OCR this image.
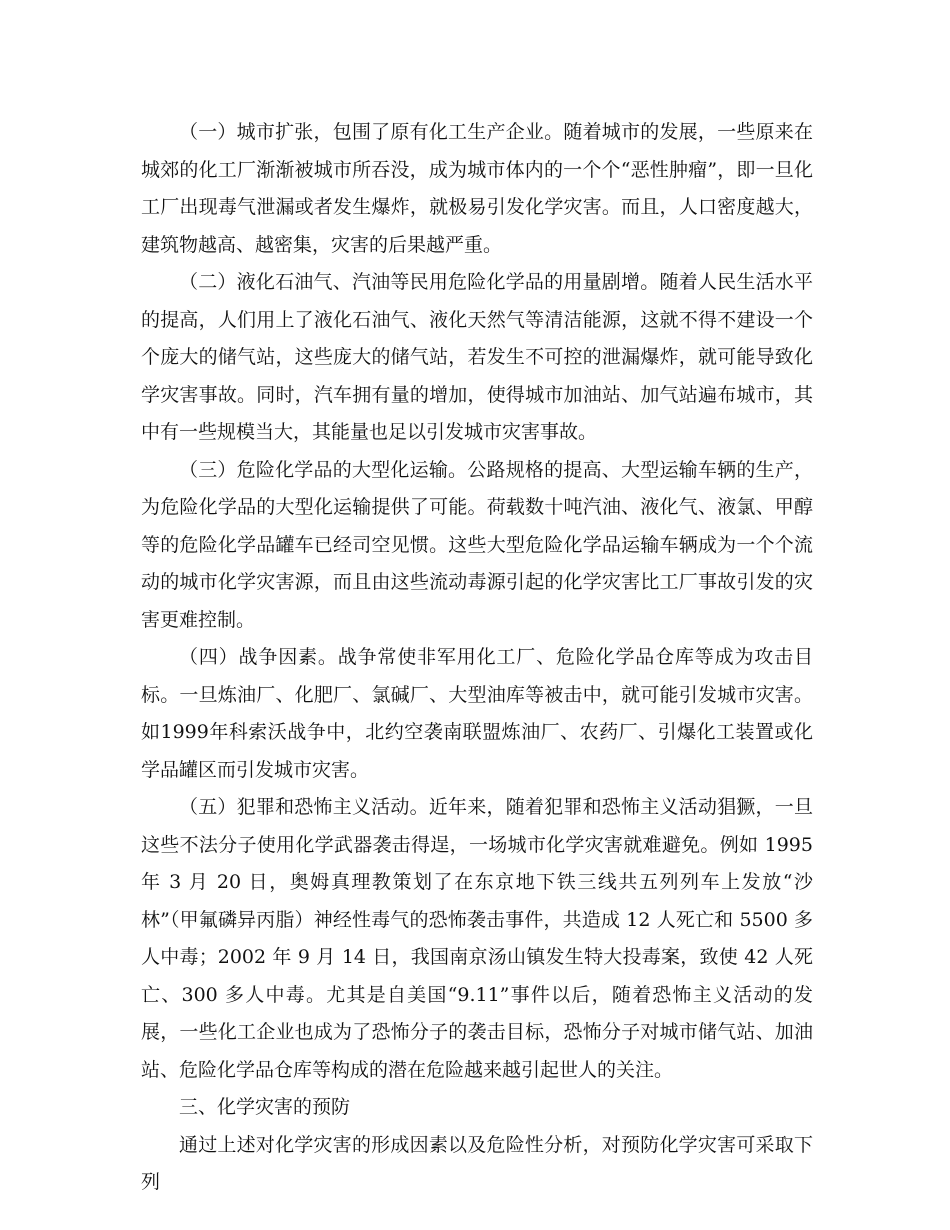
（一）城市扩张，包围了原有化工生产企业。随着城市的发展，一些原来在城郊的化工厂渐渐被城市所吞没，成为城市体内的一个个“恶性肿瘤”，即一旦化工厂出现毒气泄漏或者发生爆炸，就极易引发化学灾害。而且，人口密度越大，建筑物越高、越密集，灾害的后果越严重。

（二）液化石油气、汽油等民用危险化学品的用量剧增。随着人民生活水平的提高，人们用上了液化石油气、液化天然气等清洁能源，这就不得不建设一个个庞大的储气站，这些庞大的储气站，若发生不可控的泄漏爆炸，就可能导致化学灾害事故。同时，汽车拥有量的增加，使得城市加油站、加气站遍布城市，其中有一些规模当大，其能量也足以引发城市灾害事故。

（三）危险化学品的大型化运输。公路规格的提高、大型运输车辆的生产，为危险化学品的大型化运输提供了可能。荷载数十吨汽油、液化气、液氯、甲醇等的危险化学品罐车已经司空见惯。这些大型危险化学品运输车辆成为一个个流动的城市化学灾害源，而且由这些流动毒源引起的化学灾害比工厂事故引发的灾害更难控制。

（四）战争因素。战争常使非军用化工厂、危险化学品仓库等成为攻击目标。一旦炼油厂、化肥厂、氯碱厂、大型油库等被击中，就可能引发城市灾害。如1999年科索沃战争中，北约空袭南联盟炼油厂、农药厂、引爆化工装置或化学品罐区而引发城市灾害。

（五）犯罪和恐怖主义活动。近年来，随着犯罪和恐怖主义活动猖獗，一旦这些不法分子使用化学武器袭击得逞，一场城市化学灾害就难避免。例如 1995 年 3 月 20 日，奥姆真理教策划了在东京地下铁三线共五列列车上发放“沙林”（甲氟磷异丙脂）神经性毒气的恐怖袭击事件，共造成 12 人死亡和 5500 多人中毒；2002 年 9 月 14 日，我国南京汤山镇发生特大投毒案，致使 42 人死亡、300 多人中毒。尤其是自美国“9.11”事件以后，随着恐怖主义活动的发展，一些化工企业也成为了恐怖分子的袭击目标，恐怖分子对城市储气站、加油站、危险化学品仓库等构成的潜在危险越来越引起世人的关注。

三、化学灾害的预防

通过上述对化学灾害的形成因素以及危险性分析，对预防化学灾害可采取下列
